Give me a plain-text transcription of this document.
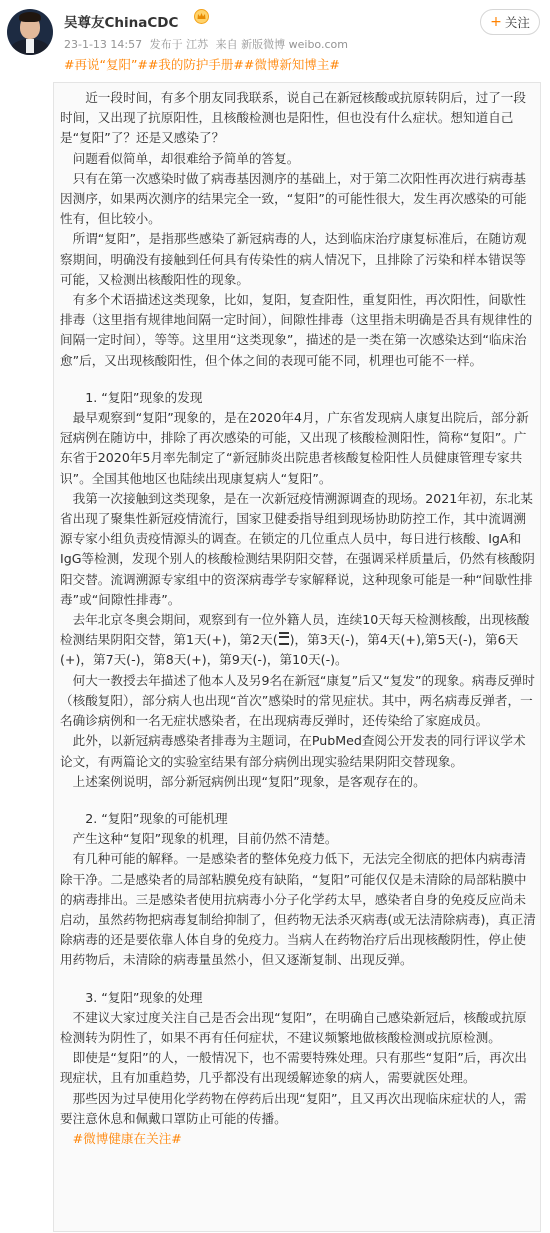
吴尊友ChinaCDC
23-1-13 14:57 发布于 江苏 来自 新版微博 weibo.com
+ 关注
#再说“复阳”##我的防护手册##微博新知博主#

近一段时间，有多个朋友同我联系，说自己在新冠核酸或抗原转阴后，过了一段时间，又出现了抗原阳性，且核酸检测也是阳性，但也没有什么症状。想知道自己是“复阳”了？还是又感染了？

问题看似简单，却很难给予简单的答复。

只有在第一次感染时做了病毒基因测序的基础上，对于第二次阳性再次进行病毒基因测序，如果两次测序的结果完全一致，“复阳”的可能性很大，发生再次感染的可能性有，但比较小。

所谓“复阳”，是指那些感染了新冠病毒的人，达到临床治疗康复标准后，在随访观察期间，明确没有接触到任何具有传染性的病人情况下，且排除了污染和样本错误等可能，又检测出核酸阳性的现象。

有多个术语描述这类现象，比如，复阳，复查阳性，重复阳性，再次阳性，间歇性排毒（这里指有规律地间隔一定时间），间隙性排毒（这里指未明确是否具有规律性的间隔一定时间），等等。这里用“这类现象”，描述的是一类在第一次感染达到“临床治愈”后，又出现核酸阳性，但个体之间的表现可能不同，机理也可能不一样。

1. “复阳”现象的发现

最早观察到“复阳”现象的，是在2020年4月，广东省发现病人康复出院后，部分新冠病例在随访中，排除了再次感染的可能，又出现了核酸检测阳性，简称“复阳”。广东省于2020年5月率先制定了“新冠肺炎出院患者核酸复检阳性人员健康管理专家共识”。全国其他地区也陆续出现康复病人“复阳”。

我第一次接触到这类现象，是在一次新冠疫情溯源调查的现场。2021年初，东北某省出现了聚集性新冠疫情流行，国家卫健委指导组到现场协助防控工作，其中流调溯源专家小组负责疫情源头的调查。在锁定的几位重点人员中，每日进行核酸、IgA和IgG等检测，发现个别人的核酸检测结果阴阳交替，在强调采样质量后，仍然有核酸阴阳交替。流调溯源专家组中的资深病毒学专家解释说，这种现象可能是一种“间歇性排毒”或“间隙性排毒”。

去年北京冬奥会期间，观察到有一位外籍人员，连续10天每天检测核酸，出现核酸检测结果阴阳交替，第1天(+)，第2天( )，第3天(-)，第4天(+),第5天(-)，第6天(+)，第7天(-)，第8天(+)，第9天(-)，第10天(-)。

何大一教授去年描述了他本人及另9名在新冠“康复”后又“复发”的现象。病毒反弹时（核酸复阳），部分病人也出现“首次”感染时的常见症状。其中，两名病毒反弹者，一名确诊病例和一名无症状感染者，在出现病毒反弹时，还传染给了家庭成员。

此外，以新冠病毒感染者排毒为主题词，在PubMed查阅公开发表的同行评议学术论文，有两篇论文的实验室结果有部分病例出现实验结果阴阳交替现象。

上述案例说明，部分新冠病例出现“复阳”现象，是客观存在的。

2. “复阳”现象的可能机理

产生这种“复阳”现象的机理，目前仍然不清楚。

有几种可能的解释。一是感染者的整体免疫力低下，无法完全彻底的把体内病毒清除干净。二是感染者的局部粘膜免疫有缺陷，“复阳”可能仅仅是未清除的局部粘膜中的病毒排出。三是感染者使用抗病毒小分子化学药太早，感染者自身的免疫反应尚未启动，虽然药物把病毒复制给抑制了，但药物无法杀灭病毒(或无法清除病毒)，真正清除病毒的还是要依靠人体自身的免疫力。当病人在药物治疗后出现核酸阴性，停止使用药物后，未清除的病毒量虽然小，但又逐渐复制、出现反弹。

3. “复阳”现象的处理

不建议大家过度关注自己是否会出现“复阳”，在明确自己感染新冠后，核酸或抗原检测转为阴性了，如果不再有任何症状，不建议频繁地做核酸检测或抗原检测。

即使是“复阳”的人，一般情况下，也不需要特殊处理。只有那些“复阳”后，再次出现症状，且有加重趋势，几乎都没有出现缓解迹象的病人，需要就医处理。

那些因为过早使用化学药物在停药后出现“复阳”，且又再次出现临床症状的人，需要注意休息和佩戴口罩防止可能的传播。

#微博健康在关注#
